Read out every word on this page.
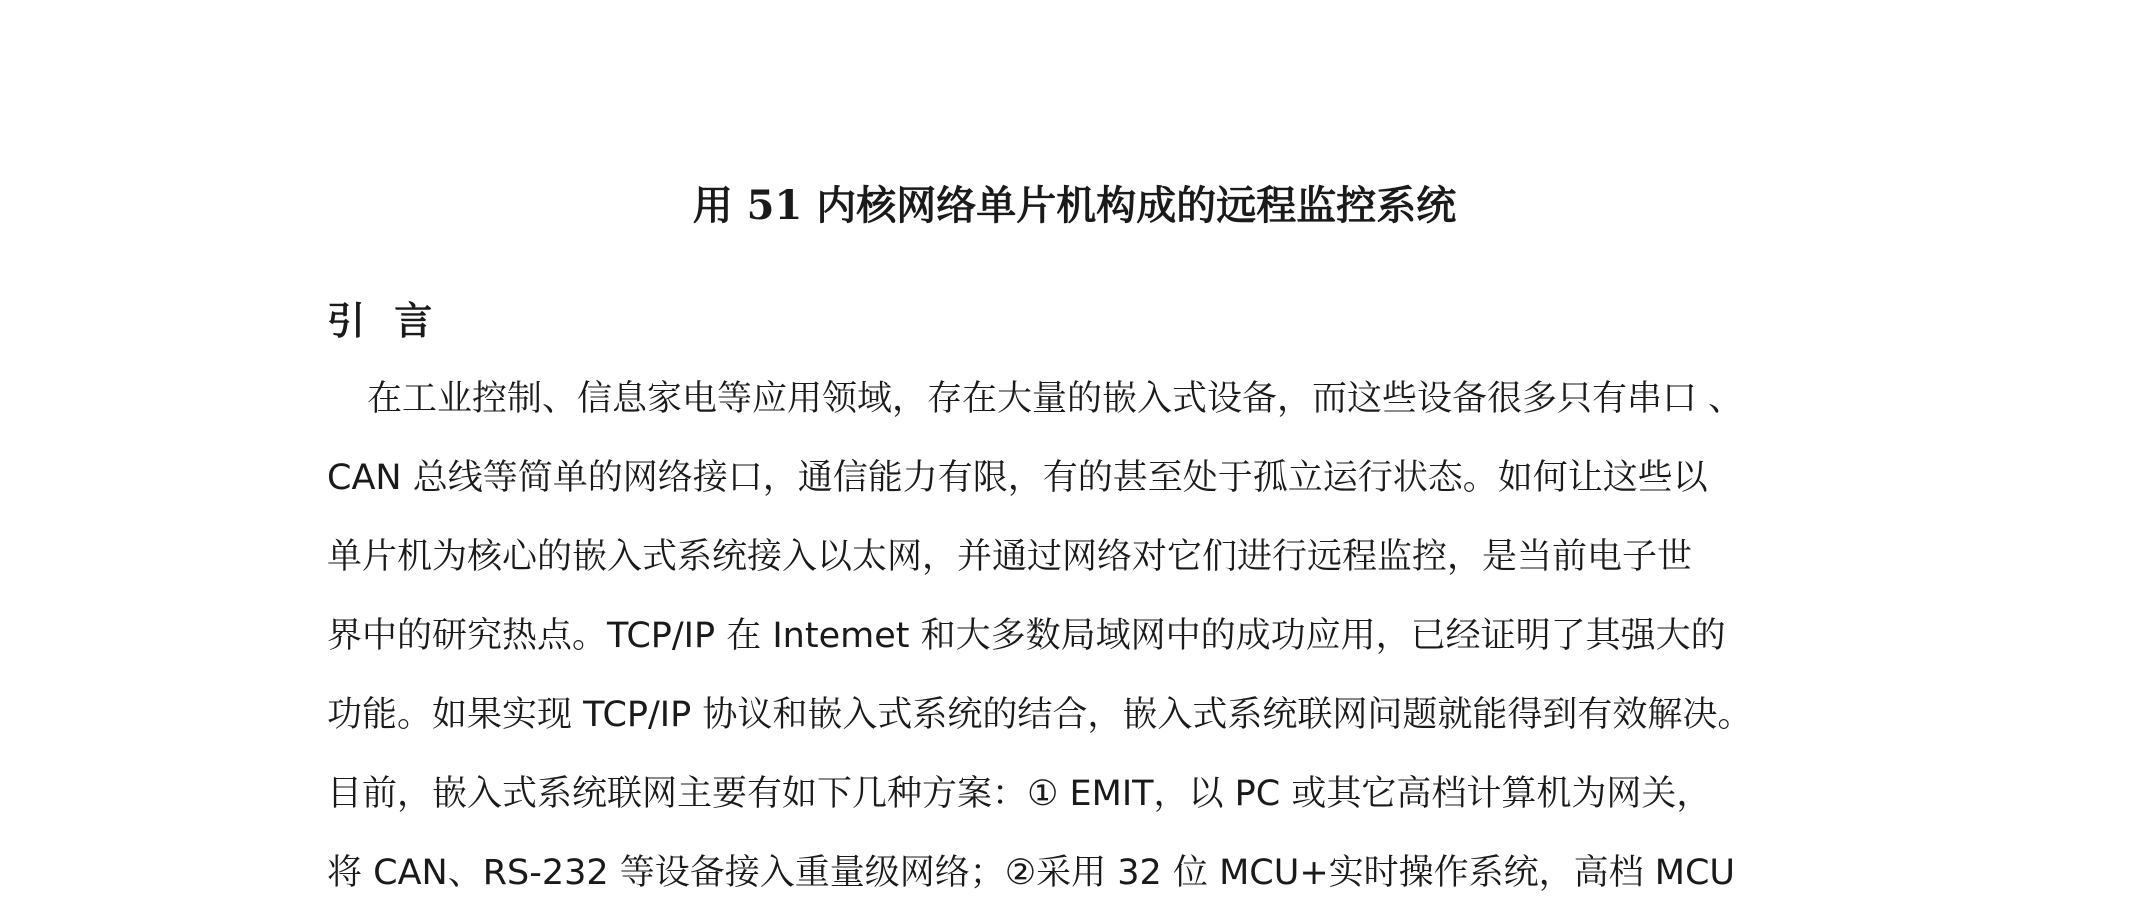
用 51 内核网络单片机构成的远程监控系统
引 言
在工业控制、信息家电等应用领域，存在大量的嵌入式设备，而这些设备很多只有串口 、
CAN 总线等简单的网络接口，通信能力有限，有的甚至处于孤立运行状态。如何让这些以
单片机为核心的嵌入式系统接入以太网，并通过网络对它们进行远程监控，是当前电子世
界中的研究热点。TCP/IP 在 Intemet 和大多数局域网中的成功应用，已经证明了其强大的
功能。如果实现 TCP/IP 协议和嵌入式系统的结合，嵌入式系统联网问题就能得到有效解决。
目前，嵌入式系统联网主要有如下几种方案：① EMIT，以 PC 或其它高档计算机为网关，
将 CAN、RS-232 等设备接入重量级网络；②采用 32 位 MCU+实时操作系统，高档 MCU
